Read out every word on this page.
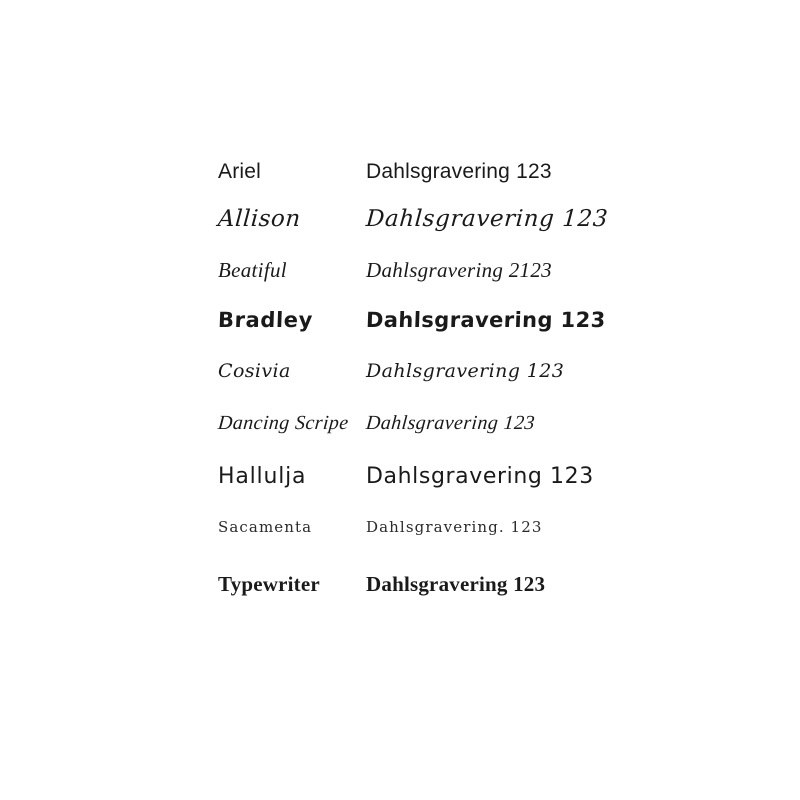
Ariel	Dahlsgravering 123
Allison	Dahlsgravering 123
Beatiful	Dahlsgravering 2123
Bradley	Dahlsgravering 123
Cosivia	Dahlsgravering 123
Dancing Scripe Dahlsgravering 123
Hallulja	Dahlsgravering 123
Sacamenta	Dahlsgravering. 123
Typewriter	Dahlsgravering 123
